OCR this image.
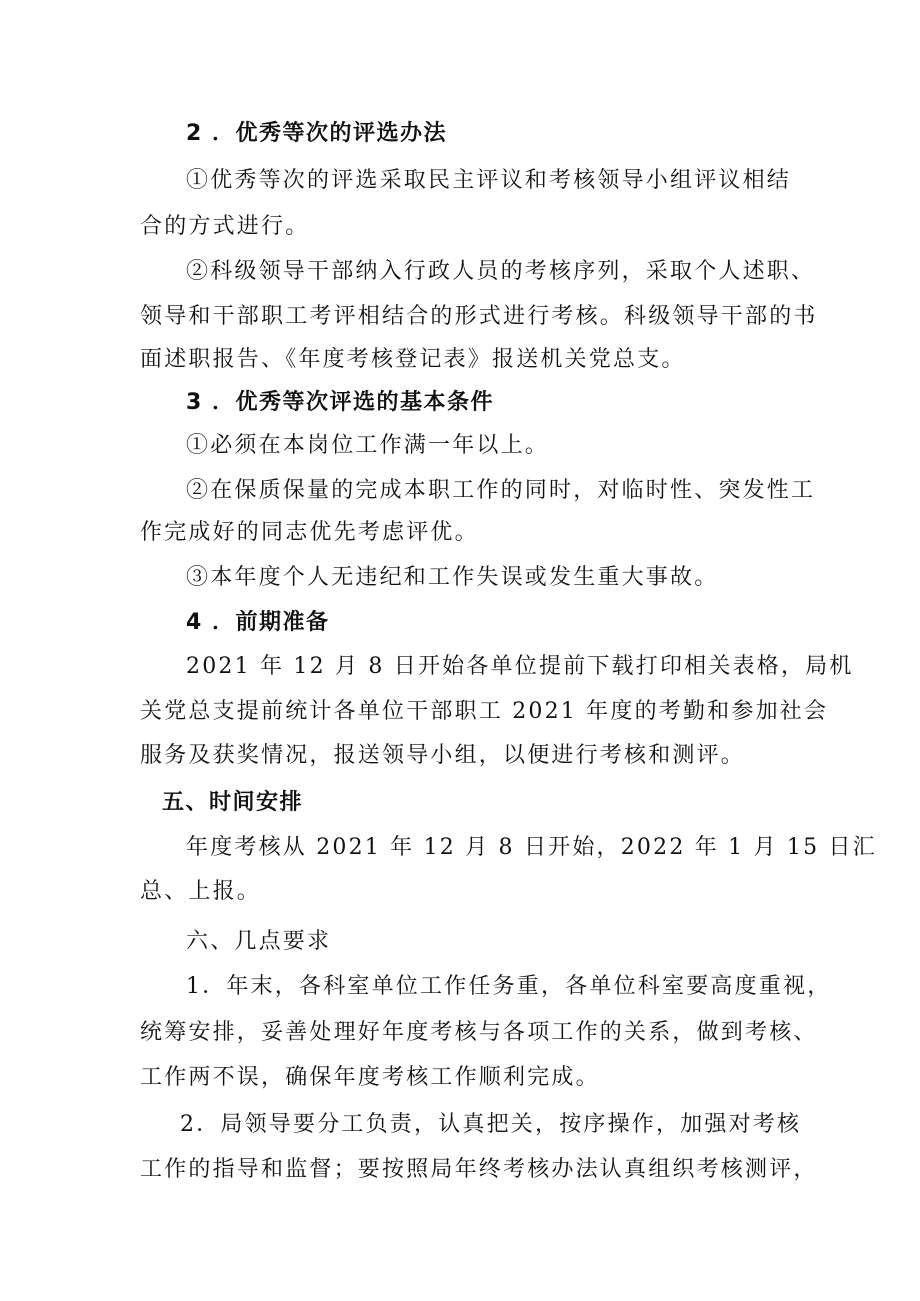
2 ．优秀等次的评选办法
①优秀等次的评选采取民主评议和考核领导小组评议相结
合的方式进行。
②科级领导干部纳入行政人员的考核序列，采取个人述职、
领导和干部职工考评相结合的形式进行考核。科级领导干部的书
面述职报告、《年度考核登记表》报送机关党总支。
3 ．优秀等次评选的基本条件
①必须在本岗位工作满一年以上。
②在保质保量的完成本职工作的同时，对临时性、突发性工
作完成好的同志优先考虑评优。
③本年度个人无违纪和工作失误或发生重大事故。
4 ．前期准备
2021 年 12 月 8 日开始各单位提前下载打印相关表格，局机
关党总支提前统计各单位干部职工 2021 年度的考勤和参加社会
服务及获奖情况，报送领导小组，以便进行考核和测评。
五、时间安排
年度考核从 2021 年 12 月 8 日开始，2022 年 1 月 15 日汇
总、上报。
六、几点要求
1．年末，各科室单位工作任务重，各单位科室要高度重视，
统筹安排，妥善处理好年度考核与各项工作的关系，做到考核、
工作两不误，确保年度考核工作顺利完成。
2．局领导要分工负责，认真把关，按序操作，加强对考核
工作的指导和监督；要按照局年终考核办法认真组织考核测评，
